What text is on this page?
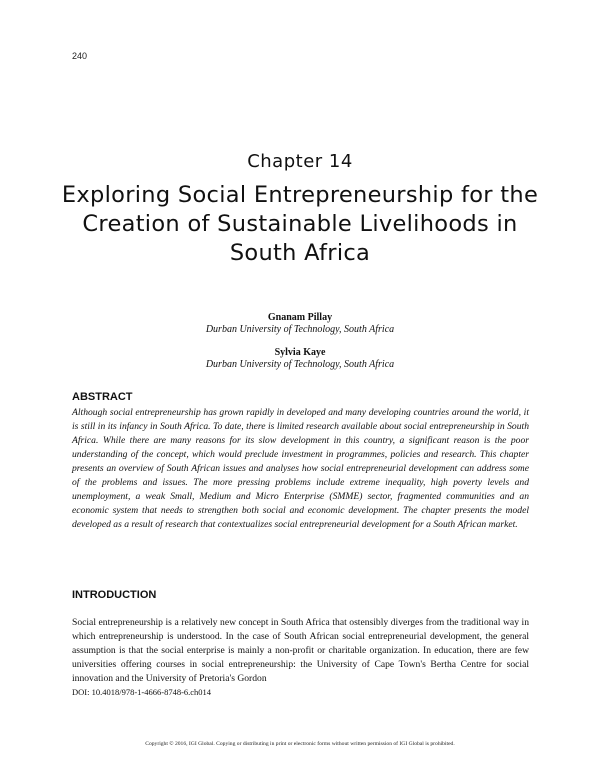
240
Chapter 14
Exploring Social Entrepreneurship for the Creation of Sustainable Livelihoods in South Africa
Gnanam Pillay
Durban University of Technology, South Africa
Sylvia Kaye
Durban University of Technology, South Africa
ABSTRACT
Although social entrepreneurship has grown rapidly in developed and many developing countries around the world, it is still in its infancy in South Africa. To date, there is limited research available about social entrepreneurship in South Africa. While there are many reasons for its slow development in this country, a significant reason is the poor understanding of the concept, which would preclude investment in programmes, policies and research. This chapter presents an overview of South African issues and analyses how social entrepreneurial development can address some of the problems and issues. The more pressing problems include extreme inequality, high poverty levels and unemployment, a weak Small, Medium and Micro Enterprise (SMME) sector, fragmented communities and an economic system that needs to strengthen both social and economic development. The chapter presents the model developed as a result of research that contextualizes social entrepreneurial development for a South African market.
INTRODUCTION
Social entrepreneurship is a relatively new concept in South Africa that ostensibly diverges from the traditional way in which entrepreneurship is understood. In the case of South African social entrepreneurial development, the general assumption is that the social enterprise is mainly a non-profit or charitable organization. In education, there are few universities offering courses in social entrepreneurship: the University of Cape Town's Bertha Centre for social innovation and the University of Pretoria's Gordon
DOI: 10.4018/978-1-4666-8748-6.ch014
Copyright © 2016, IGI Global. Copying or distributing in print or electronic forms without written permission of IGI Global is prohibited.
